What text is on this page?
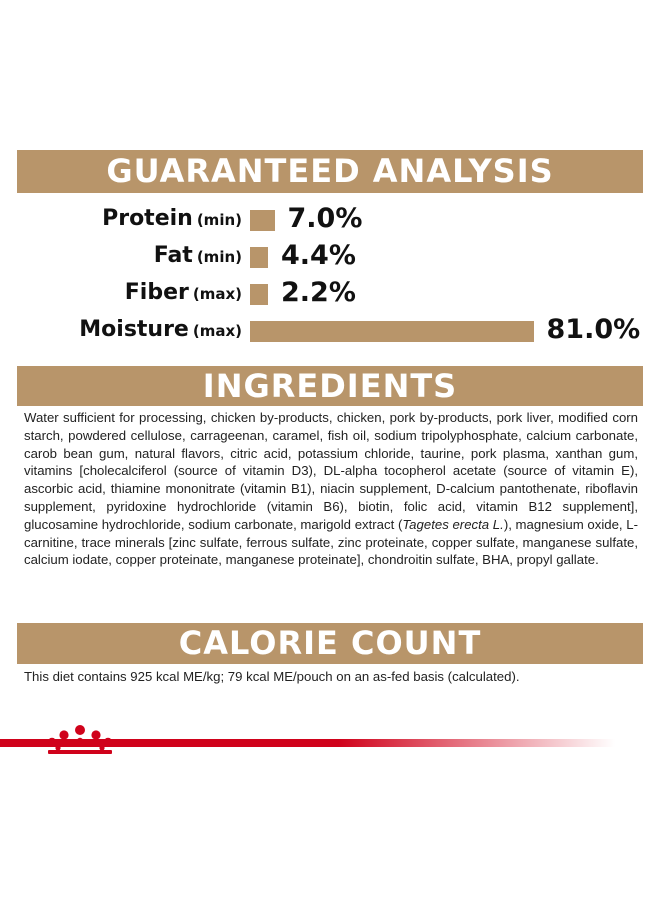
GUARANTEED ANALYSIS
Protein (min) 7.0%
Fat (min) 4.4%
Fiber (max) 2.2%
Moisture (max)	81.0%
INGREDIENTS
Water sufficient for processing, chicken by-products, chicken, pork by-products, pork liver, modified corn starch, powdered cellulose, carrageenan, caramel, fish oil, sodium tripolyphosphate, calcium carbonate, carob bean gum, natural flavors, citric acid, potassium chloride, taurine, pork plasma, xanthan gum, vitamins [cholecalciferol (source of vitamin D3), DL-alpha tocopherol acetate (source of vitamin E), ascorbic acid, thiamine mononitrate (vitamin B1), niacin supplement, D-calcium pantothenate, riboflavin supplement, pyridoxine hydrochloride (vitamin B6), biotin, folic acid, vitamin B12 supplement], glucosamine hydrochloride, sodium carbonate, marigold extract (Tagetes erecta L.), magnesium oxide, L-carnitine, trace minerals [zinc sulfate, ferrous sulfate, zinc proteinate, copper sulfate, manganese sulfate, calcium iodate, copper proteinate, manganese proteinate], chondroitin sulfate, BHA, propyl gallate.
CALORIE COUNT
This diet contains 925 kcal ME/kg; 79 kcal ME/pouch on an as-fed basis (calculated).
